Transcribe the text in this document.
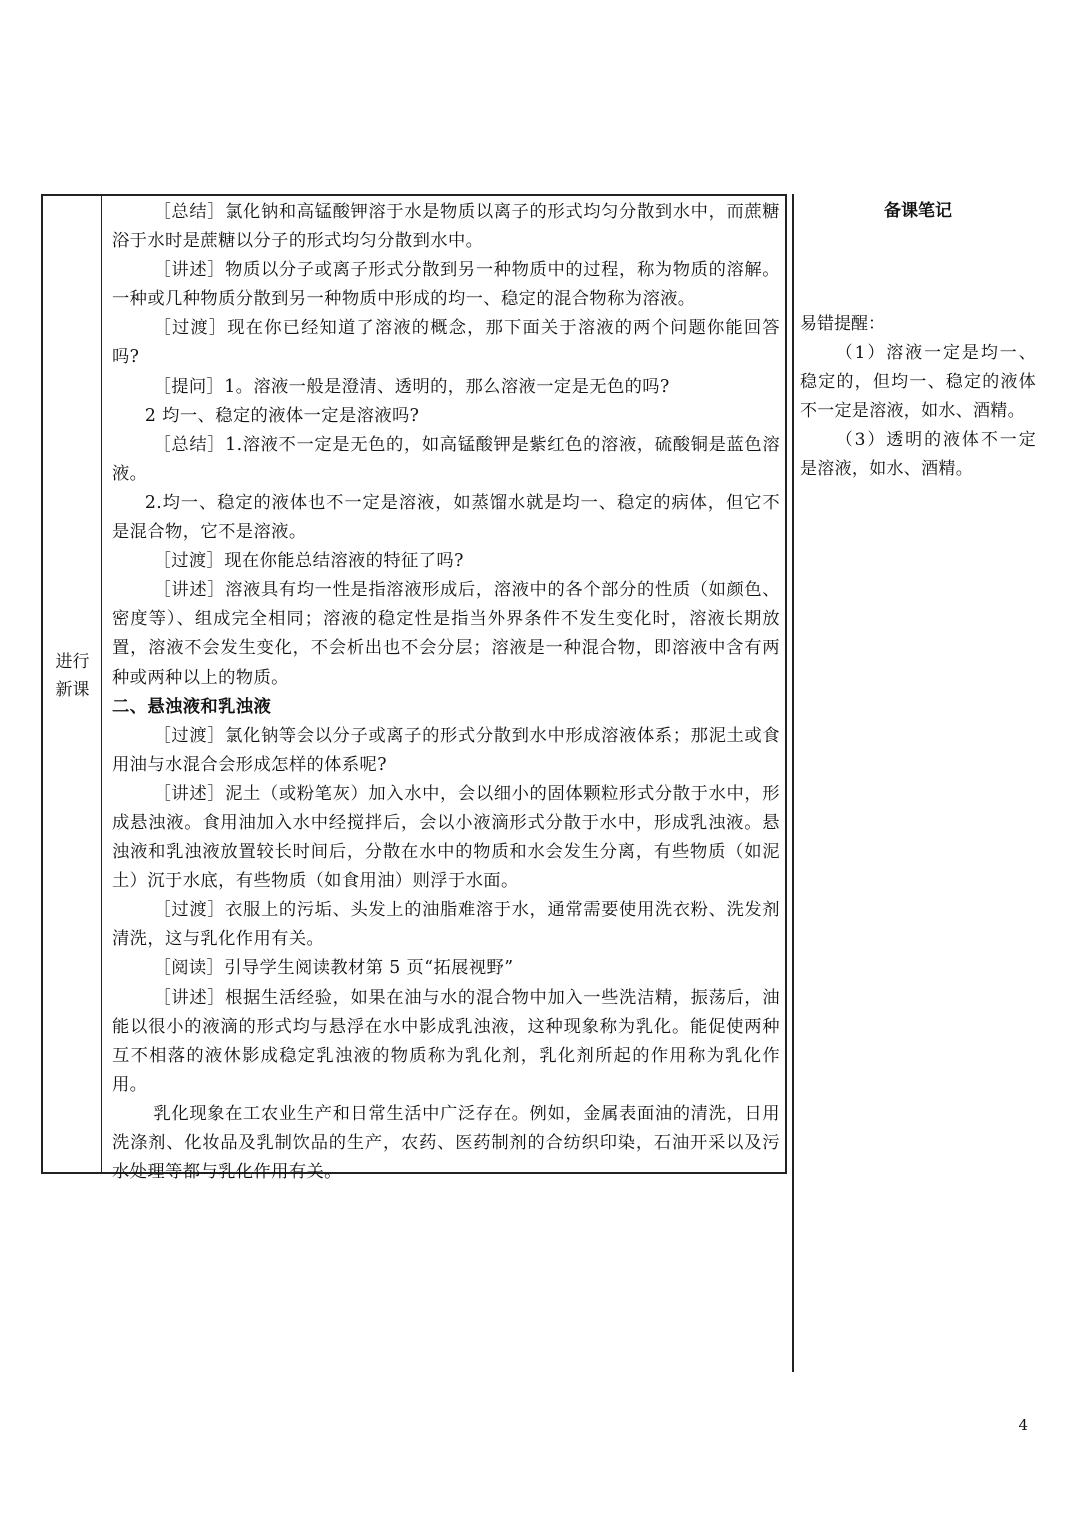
进行
新课

［总结］氯化钠和高锰酸钾溶于水是物质以离子的形式均匀分散到水中，而蔗糖浴于水时是蔗糖以分子的形式均匀分散到水中。

［讲述］物质以分子或离子形式分散到另一种物质中的过程，称为物质的溶解。一种或几种物质分散到另一种物质中形成的均一、稳定的混合物称为溶液。

［过渡］现在你已经知道了溶液的概念，那下面关于溶液的两个问题你能回答吗?

［提问］1。溶液一般是澄清、透明的，那么溶液一定是无色的吗?

2 均一、稳定的液体一定是溶液吗?

［总结］1.溶液不一定是无色的，如高锰酸钾是紫红色的溶液，硫酸铜是蓝色溶液。

2.均一、稳定的液体也不一定是溶液，如蒸馏水就是均一、稳定的病体，但它不是混合物，它不是溶液。

［过渡］现在你能总结溶液的特征了吗?

［讲述］溶液具有均一性是指溶液形成后，溶液中的各个部分的性质（如颜色、密度等）、组成完全相同；溶液的稳定性是指当外界条件不发生变化时，溶液长期放置，溶液不会发生变化，不会析出也不会分层；溶液是一种混合物，即溶液中含有两种或两种以上的物质。

二、悬浊液和乳浊液

［过渡］氯化钠等会以分子或离子的形式分散到水中形成溶液体系；那泥土或食用油与水混合会形成怎样的体系呢?

［讲述］泥土（或粉笔灰）加入水中，会以细小的固体颗粒形式分散于水中，形成悬浊液。食用油加入水中经搅拌后，会以小液滴形式分散于水中，形成乳浊液。悬浊液和乳浊液放置较长时间后，分散在水中的物质和水会发生分离，有些物质（如泥土）沉于水底，有些物质（如食用油）则浮于水面。

［过渡］衣服上的污垢、头发上的油脂难溶于水，通常需要使用洗衣粉、洗发剂清洗，这与乳化作用有关。

［阅读］引导学生阅读教材第 5 页“拓展视野”

［讲述］根据生活经验，如果在油与水的混合物中加入一些洗洁精，振荡后，油能以很小的液滴的形式均与悬浮在水中影成乳浊液，这种现象称为乳化。能促使两种互不相落的液休影成稳定乳浊液的物质称为乳化剂，乳化剂所起的作用称为乳化作用。

乳化现象在工农业生产和日常生活中广泛存在。例如，金属表面油的清洗，日用洗涤剂、化妆品及乳制饮品的生产，农药、医药制剂的合纺织印染，石油开采以及污水处理等都与乳化作用有关。

备课笔记

易错提醒：

（1）溶液一定是均一、稳定的，但均一、稳定的液体不一定是溶液，如水、酒精。

（3）透明的液体不一定是溶液，如水、酒精。

4
